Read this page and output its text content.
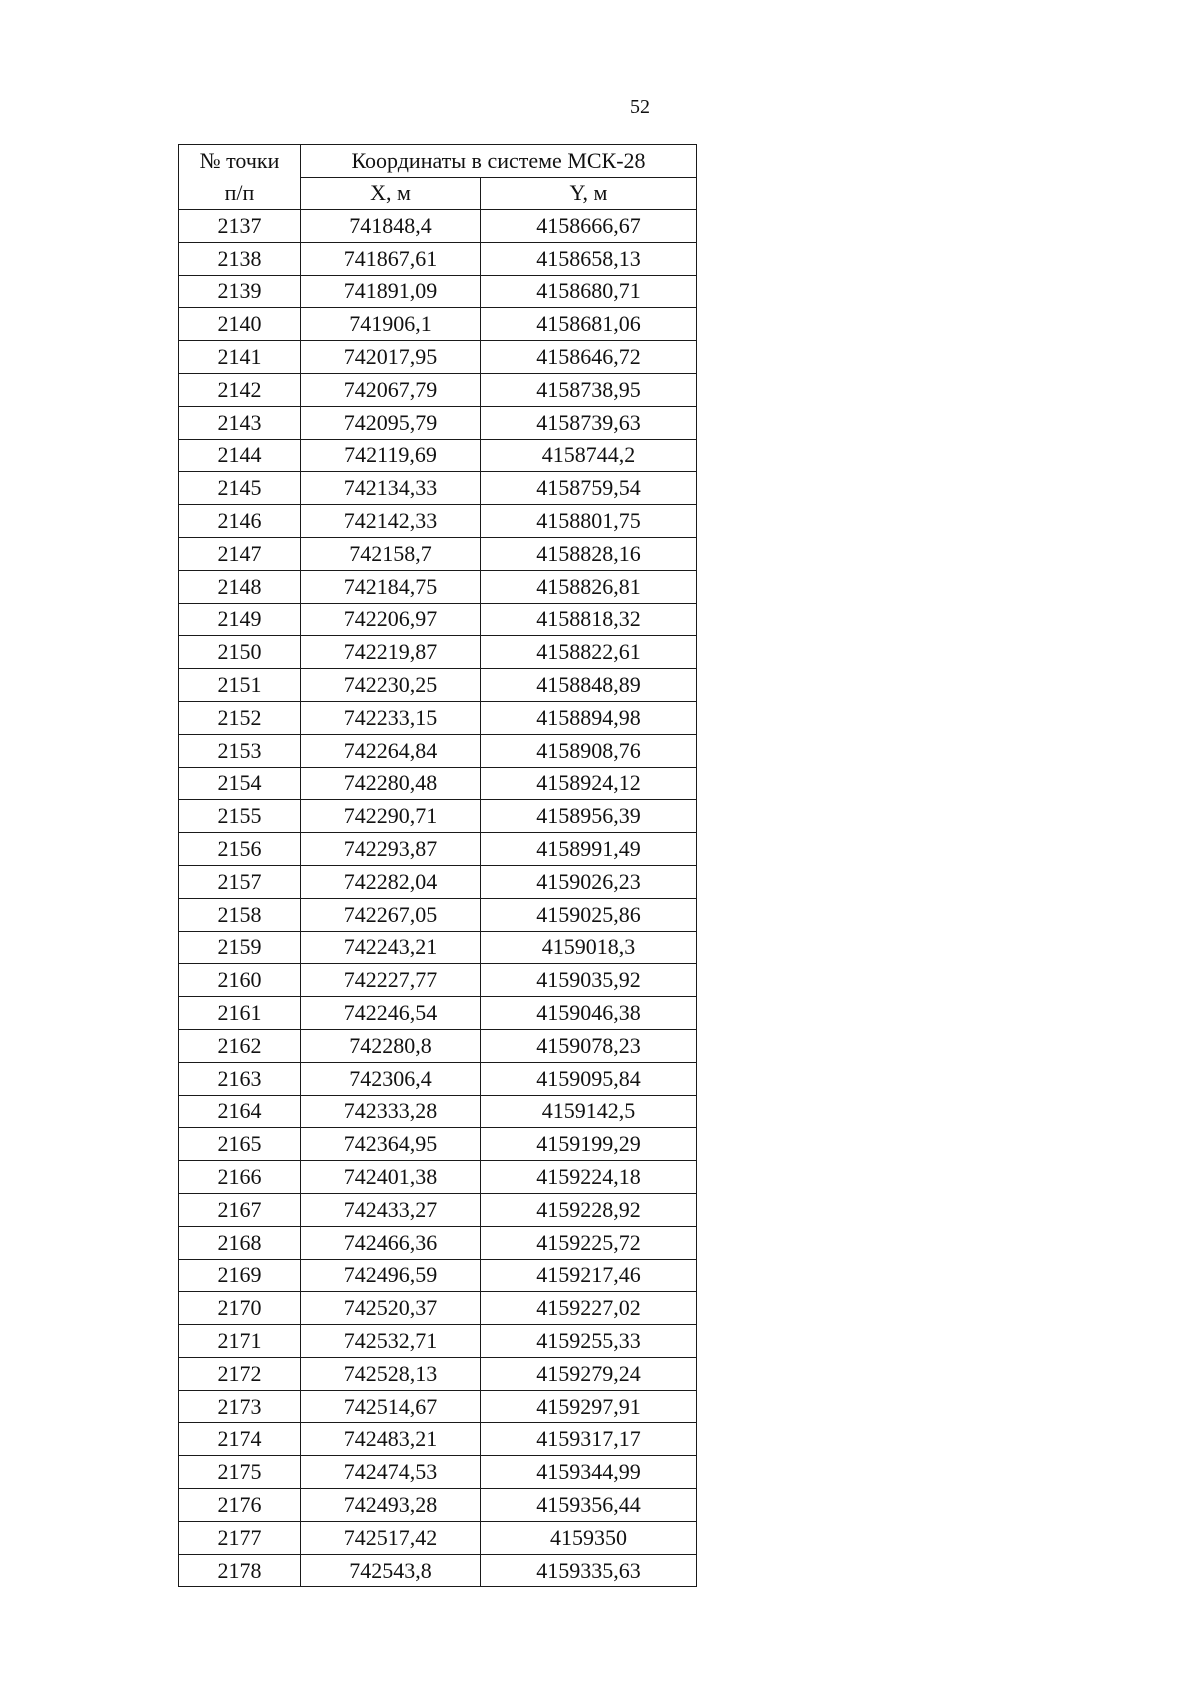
52
№ точки
п/п	Координаты в системе МСК-28	
	X, м	Y, м
2137	741848,4	4158666,67
2138	741867,61	4158658,13
2139	741891,09	4158680,71
2140	741906,1	4158681,06
2141	742017,95	4158646,72
2142	742067,79	4158738,95
2143	742095,79	4158739,63
2144	742119,69	4158744,2
2145	742134,33	4158759,54
2146	742142,33	4158801,75
2147	742158,7	4158828,16
2148	742184,75	4158826,81
2149	742206,97	4158818,32
2150	742219,87	4158822,61
2151	742230,25	4158848,89
2152	742233,15	4158894,98
2153	742264,84	4158908,76
2154	742280,48	4158924,12
2155	742290,71	4158956,39
2156	742293,87	4158991,49
2157	742282,04	4159026,23
2158	742267,05	4159025,86
2159	742243,21	4159018,3
2160	742227,77	4159035,92
2161	742246,54	4159046,38
2162	742280,8	4159078,23
2163	742306,4	4159095,84
2164	742333,28	4159142,5
2165	742364,95	4159199,29
2166	742401,38	4159224,18
2167	742433,27	4159228,92
2168	742466,36	4159225,72
2169	742496,59	4159217,46
2170	742520,37	4159227,02
2171	742532,71	4159255,33
2172	742528,13	4159279,24
2173	742514,67	4159297,91
2174	742483,21	4159317,17
2175	742474,53	4159344,99
2176	742493,28	4159356,44
2177	742517,42	4159350
2178	742543,8	4159335,63
